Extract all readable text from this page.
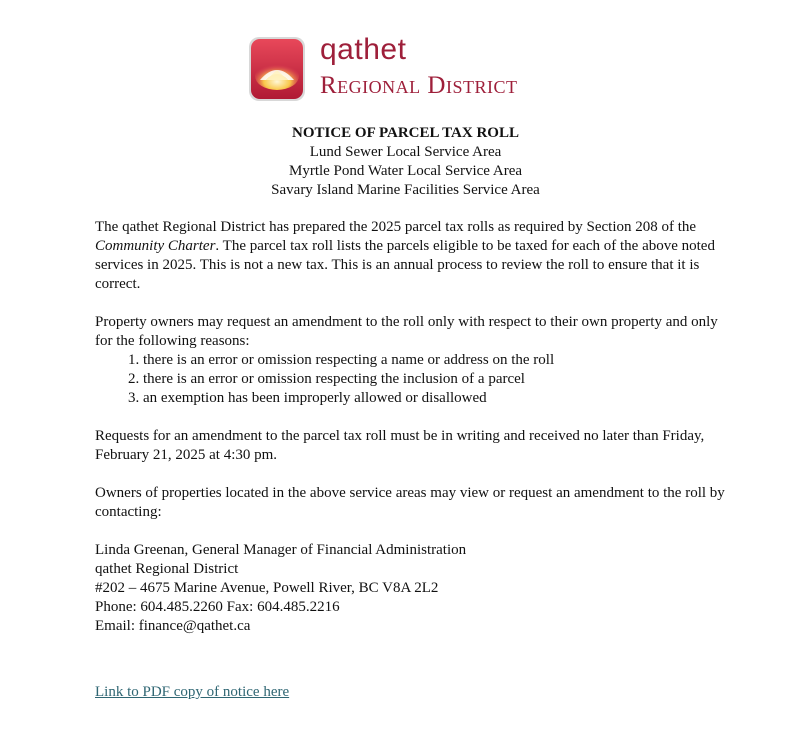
qathet
Regional District
NOTICE OF PARCEL TAX ROLL
Lund Sewer Local Service Area
Myrtle Pond Water Local Service Area
Savary Island Marine Facilities Service Area

The qathet Regional District has prepared the 2025 parcel tax rolls as required by Section 208 of the Community Charter. The parcel tax roll lists the parcels eligible to be taxed for each of the above noted services in 2025. This is not a new tax. This is an annual process to review the roll to ensure that it is correct.

Property owners may request an amendment to the roll only with respect to their own property and only for the following reasons:

1. there is an error or omission respecting a name or address on the roll
2. there is an error or omission respecting the inclusion of a parcel
3. an exemption has been improperly allowed or disallowed

Requests for an amendment to the parcel tax roll must be in writing and received no later than Friday, February 21, 2025 at 4:30 pm.

Owners of properties located in the above service areas may view or request an amendment to the roll by contacting:

Linda Greenan, General Manager of Financial Administration
qathet Regional District
#202 – 4675 Marine Avenue, Powell River, BC V8A 2L2
Phone: 604.485.2260 Fax: 604.485.2216
Email: finance@qathet.ca
Link to PDF copy of notice here
